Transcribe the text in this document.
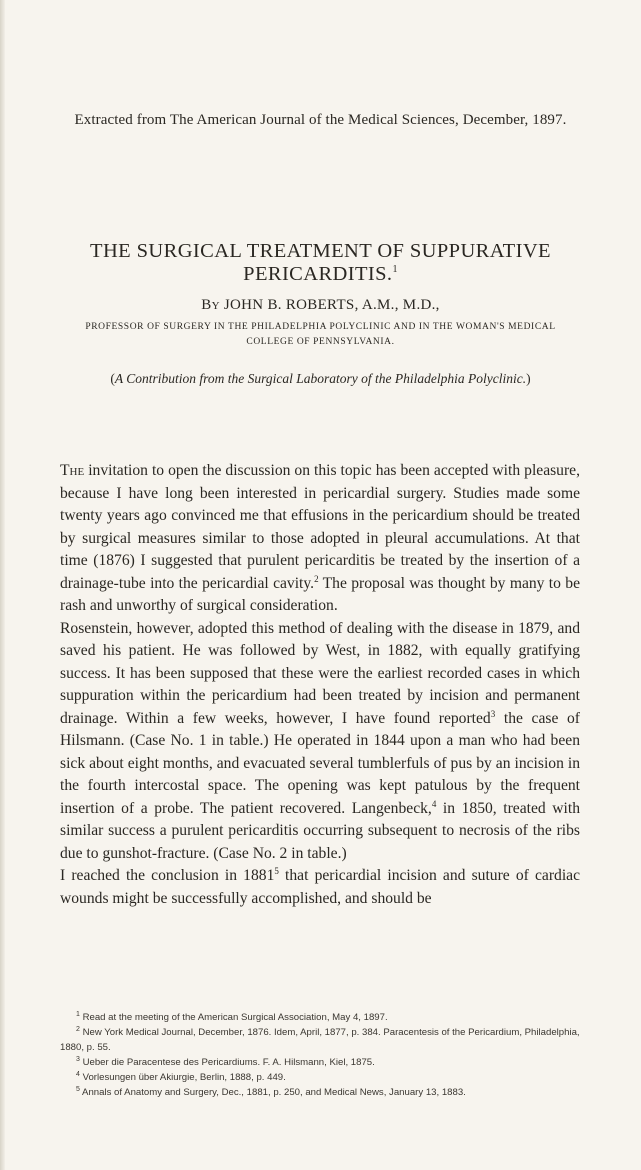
Extracted from The American Journal of the Medical Sciences, December, 1897.
THE SURGICAL TREATMENT OF SUPPURATIVE
PERICARDITIS.$^1$
By JOHN B. ROBERTS, A.M., M.D.,
PROFESSOR OF SURGERY IN THE PHILADELPHIA POLYCLINIC AND IN THE WOMAN'S MEDICAL
COLLEGE OF PENNSYLVANIA.
(A Contribution from the Surgical Laboratory of the Philadelphia Polyclinic.)

The invitation to open the discussion on this topic has been accepted with pleasure, because I have long been interested in pericardial surgery. Studies made some twenty years ago convinced me that effusions in the pericardium should be treated by surgical measures similar to those adopted in pleural accumulations. At that time (1876) I suggested that purulent pericarditis be treated by the insertion of a drainage-tube into the pericardial cavity.$^2$ The proposal was thought by many to be rash and unworthy of surgical consideration.

Rosenstein, however, adopted this method of dealing with the disease in 1879, and saved his patient. He was followed by West, in 1882, with equally gratifying success. It has been supposed that these were the earliest recorded cases in which suppuration within the pericardium had been treated by incision and permanent drainage. Within a few weeks, however, I have found reported$^3$ the case of Hilsmann. (Case No. 1 in table.) He operated in 1844 upon a man who had been sick about eight months, and evacuated several tumblerfuls of pus by an incision in the fourth intercostal space. The opening was kept patulous by the frequent insertion of a probe. The patient recovered. Langenbeck,$^4$ in 1850, treated with similar success a purulent pericarditis occurring subsequent to necrosis of the ribs due to gunshot-fracture. (Case No. 2 in table.)

I reached the conclusion in 1881$^5$ that pericardial incision and suture of cardiac wounds might be successfully accomplished, and should be

$^1$ Read at the meeting of the American Surgical Association, May 4, 1897.

$^2$ New York Medical Journal, December, 1876. Idem, April, 1877, p. 384. Paracentesis of the Pericardium, Philadelphia, 1880, p. 55.

$^3$ Ueber die Paracentese des Pericardiums. F. A. Hilsmann, Kiel, 1875.

$^4$ Vorlesungen über Akiurgie, Berlin, 1888, p. 449.

$^5$ Annals of Anatomy and Surgery, Dec., 1881, p. 250, and Medical News, January 13, 1883.
